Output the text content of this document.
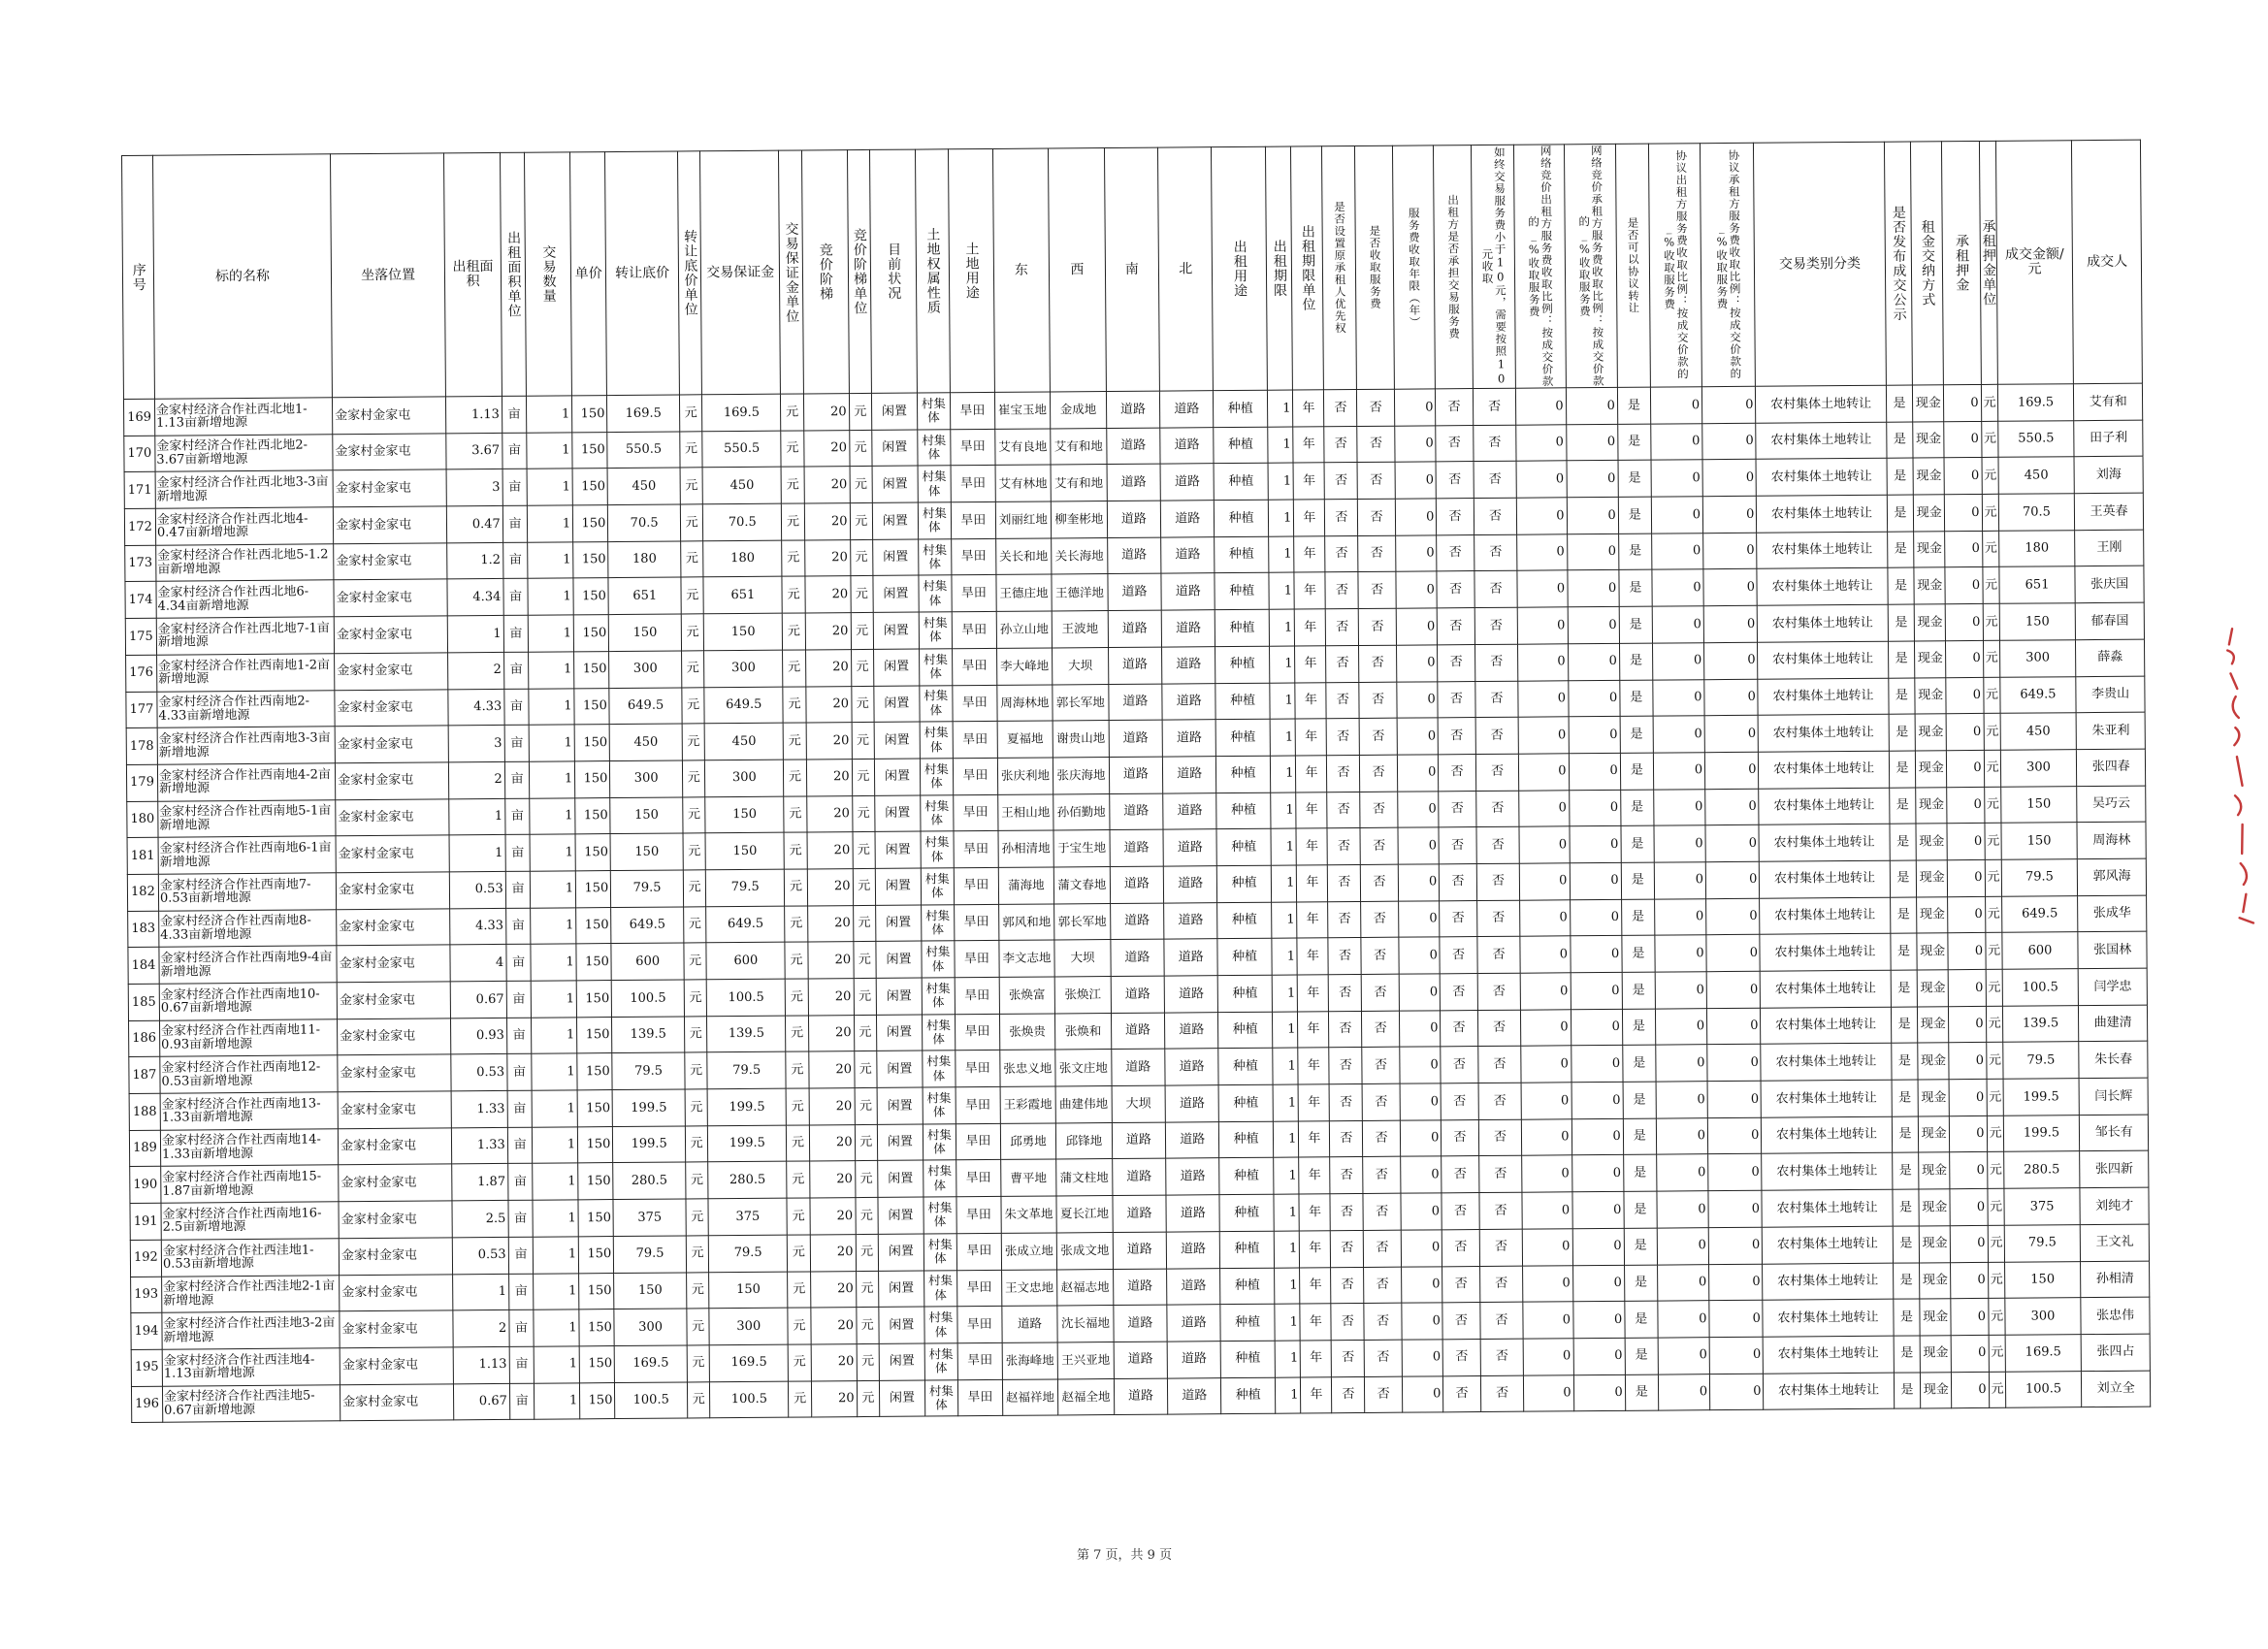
序号	标的名称	坐落位置	出租面积	出租面积单位	交易数量	单价	转让底价	转让底价单位	交易保证金	交易保证金单位	竞价阶梯	竞价阶梯单位	目前状况	土地权属性质	土地用途	东	西	南	北	出租用途	出租期限	出租期限单位	是否设置原承租人优先权	是否收取服务费	服务费收取年限（年）	出租方是否承担交易服务费	如终交易服务费小于10元，需要按照10元收取	网络竞价出租方服务费收取比例：按成交价款的_%收取服务费	网络竞价承租方服务费收取比例：按成交价款的_%收取服务费	是否可以协议转让	协议出租方服务费收取比例：按成交价款的_%收取服务费	协议承租方服务费收取比例：按成交价款的_%收取服务费	交易类别分类	是否发布成交公示	租金交纳方式	承租押金	承租押金单位	成交金额/元	成交人
169	金家村经济合作社西北地1-1.13亩新增地源	金家村金家屯	1.13	亩	1	150	169.5	元	169.5	元	20	元	闲置	村集体	旱田	崔宝玉地	金成地	道路	道路	种植	1	年	否	否	0	否	否	0	0	是	0	0	农村集体土地转让	是	现金	0	元	169.5	艾有和
170	金家村经济合作社西北地2-3.67亩新增地源	金家村金家屯	3.67	亩	1	150	550.5	元	550.5	元	20	元	闲置	村集体	旱田	艾有良地	艾有和地	道路	道路	种植	1	年	否	否	0	否	否	0	0	是	0	0	农村集体土地转让	是	现金	0	元	550.5	田子利
171	金家村经济合作社西北地3-3亩新增地源	金家村金家屯	3	亩	1	150	450	元	450	元	20	元	闲置	村集体	旱田	艾有林地	艾有和地	道路	道路	种植	1	年	否	否	0	否	否	0	0	是	0	0	农村集体土地转让	是	现金	0	元	450	刘海
172	金家村经济合作社西北地4-0.47亩新增地源	金家村金家屯	0.47	亩	1	150	70.5	元	70.5	元	20	元	闲置	村集体	旱田	刘丽红地	柳奎彬地	道路	道路	种植	1	年	否	否	0	否	否	0	0	是	0	0	农村集体土地转让	是	现金	0	元	70.5	王英春
173	金家村经济合作社西北地5-1.2亩新增地源	金家村金家屯	1.2	亩	1	150	180	元	180	元	20	元	闲置	村集体	旱田	关长和地	关长海地	道路	道路	种植	1	年	否	否	0	否	否	0	0	是	0	0	农村集体土地转让	是	现金	0	元	180	王刚
174	金家村经济合作社西北地6-4.34亩新增地源	金家村金家屯	4.34	亩	1	150	651	元	651	元	20	元	闲置	村集体	旱田	王德庄地	王德洋地	道路	道路	种植	1	年	否	否	0	否	否	0	0	是	0	0	农村集体土地转让	是	现金	0	元	651	张庆国
175	金家村经济合作社西北地7-1亩新增地源	金家村金家屯	1	亩	1	150	150	元	150	元	20	元	闲置	村集体	旱田	孙立山地	王波地	道路	道路	种植	1	年	否	否	0	否	否	0	0	是	0	0	农村集体土地转让	是	现金	0	元	150	郁春国
176	金家村经济合作社西南地1-2亩新增地源	金家村金家屯	2	亩	1	150	300	元	300	元	20	元	闲置	村集体	旱田	李大峰地	大坝	道路	道路	种植	1	年	否	否	0	否	否	0	0	是	0	0	农村集体土地转让	是	现金	0	元	300	薛淼
177	金家村经济合作社西南地2-4.33亩新增地源	金家村金家屯	4.33	亩	1	150	649.5	元	649.5	元	20	元	闲置	村集体	旱田	周海林地	郭长军地	道路	道路	种植	1	年	否	否	0	否	否	0	0	是	0	0	农村集体土地转让	是	现金	0	元	649.5	李贵山
178	金家村经济合作社西南地3-3亩新增地源	金家村金家屯	3	亩	1	150	450	元	450	元	20	元	闲置	村集体	旱田	夏福地	谢贵山地	道路	道路	种植	1	年	否	否	0	否	否	0	0	是	0	0	农村集体土地转让	是	现金	0	元	450	朱亚利
179	金家村经济合作社西南地4-2亩新增地源	金家村金家屯	2	亩	1	150	300	元	300	元	20	元	闲置	村集体	旱田	张庆利地	张庆海地	道路	道路	种植	1	年	否	否	0	否	否	0	0	是	0	0	农村集体土地转让	是	现金	0	元	300	张四春
180	金家村经济合作社西南地5-1亩新增地源	金家村金家屯	1	亩	1	150	150	元	150	元	20	元	闲置	村集体	旱田	王相山地	孙佰勤地	道路	道路	种植	1	年	否	否	0	否	否	0	0	是	0	0	农村集体土地转让	是	现金	0	元	150	吴巧云
181	金家村经济合作社西南地6-1亩新增地源	金家村金家屯	1	亩	1	150	150	元	150	元	20	元	闲置	村集体	旱田	孙相清地	于宝生地	道路	道路	种植	1	年	否	否	0	否	否	0	0	是	0	0	农村集体土地转让	是	现金	0	元	150	周海林
182	金家村经济合作社西南地7-0.53亩新增地源	金家村金家屯	0.53	亩	1	150	79.5	元	79.5	元	20	元	闲置	村集体	旱田	蒲海地	蒲文春地	道路	道路	种植	1	年	否	否	0	否	否	0	0	是	0	0	农村集体土地转让	是	现金	0	元	79.5	郭风海
183	金家村经济合作社西南地8-4.33亩新增地源	金家村金家屯	4.33	亩	1	150	649.5	元	649.5	元	20	元	闲置	村集体	旱田	郭风和地	郭长军地	道路	道路	种植	1	年	否	否	0	否	否	0	0	是	0	0	农村集体土地转让	是	现金	0	元	649.5	张成华
184	金家村经济合作社西南地9-4亩新增地源	金家村金家屯	4	亩	1	150	600	元	600	元	20	元	闲置	村集体	旱田	李文志地	大坝	道路	道路	种植	1	年	否	否	0	否	否	0	0	是	0	0	农村集体土地转让	是	现金	0	元	600	张国林
185	金家村经济合作社西南地10-0.67亩新增地源	金家村金家屯	0.67	亩	1	150	100.5	元	100.5	元	20	元	闲置	村集体	旱田	张焕富	张焕江	道路	道路	种植	1	年	否	否	0	否	否	0	0	是	0	0	农村集体土地转让	是	现金	0	元	100.5	闫学忠
186	金家村经济合作社西南地11-0.93亩新增地源	金家村金家屯	0.93	亩	1	150	139.5	元	139.5	元	20	元	闲置	村集体	旱田	张焕贵	张焕和	道路	道路	种植	1	年	否	否	0	否	否	0	0	是	0	0	农村集体土地转让	是	现金	0	元	139.5	曲建清
187	金家村经济合作社西南地12-0.53亩新增地源	金家村金家屯	0.53	亩	1	150	79.5	元	79.5	元	20	元	闲置	村集体	旱田	张忠义地	张文庄地	道路	道路	种植	1	年	否	否	0	否	否	0	0	是	0	0	农村集体土地转让	是	现金	0	元	79.5	朱长春
188	金家村经济合作社西南地13-1.33亩新增地源	金家村金家屯	1.33	亩	1	150	199.5	元	199.5	元	20	元	闲置	村集体	旱田	王彩霞地	曲建伟地	大坝	道路	种植	1	年	否	否	0	否	否	0	0	是	0	0	农村集体土地转让	是	现金	0	元	199.5	闫长辉
189	金家村经济合作社西南地14-1.33亩新增地源	金家村金家屯	1.33	亩	1	150	199.5	元	199.5	元	20	元	闲置	村集体	旱田	邱勇地	邱锋地	道路	道路	种植	1	年	否	否	0	否	否	0	0	是	0	0	农村集体土地转让	是	现金	0	元	199.5	邹长有
190	金家村经济合作社西南地15-1.87亩新增地源	金家村金家屯	1.87	亩	1	150	280.5	元	280.5	元	20	元	闲置	村集体	旱田	曹平地	蒲文柱地	道路	道路	种植	1	年	否	否	0	否	否	0	0	是	0	0	农村集体土地转让	是	现金	0	元	280.5	张四新
191	金家村经济合作社西南地16-2.5亩新增地源	金家村金家屯	2.5	亩	1	150	375	元	375	元	20	元	闲置	村集体	旱田	朱文革地	夏长江地	道路	道路	种植	1	年	否	否	0	否	否	0	0	是	0	0	农村集体土地转让	是	现金	0	元	375	刘纯才
192	金家村经济合作社西洼地1-0.53亩新增地源	金家村金家屯	0.53	亩	1	150	79.5	元	79.5	元	20	元	闲置	村集体	旱田	张成立地	张成文地	道路	道路	种植	1	年	否	否	0	否	否	0	0	是	0	0	农村集体土地转让	是	现金	0	元	79.5	王文礼
193	金家村经济合作社西洼地2-1亩新增地源	金家村金家屯	1	亩	1	150	150	元	150	元	20	元	闲置	村集体	旱田	王文忠地	赵福志地	道路	道路	种植	1	年	否	否	0	否	否	0	0	是	0	0	农村集体土地转让	是	现金	0	元	150	孙相清
194	金家村经济合作社西洼地3-2亩新增地源	金家村金家屯	2	亩	1	150	300	元	300	元	20	元	闲置	村集体	旱田	道路	沈长福地	道路	道路	种植	1	年	否	否	0	否	否	0	0	是	0	0	农村集体土地转让	是	现金	0	元	300	张忠伟
195	金家村经济合作社西洼地4-1.13亩新增地源	金家村金家屯	1.13	亩	1	150	169.5	元	169.5	元	20	元	闲置	村集体	旱田	张海峰地	王兴亚地	道路	道路	种植	1	年	否	否	0	否	否	0	0	是	0	0	农村集体土地转让	是	现金	0	元	169.5	张四占
196	金家村经济合作社西洼地5-0.67亩新增地源	金家村金家屯	0.67	亩	1	150	100.5	元	100.5	元	20	元	闲置	村集体	旱田	赵福祥地	赵福全地	道路	道路	种植	1	年	否	否	0	否	否	0	0	是	0	0	农村集体土地转让	是	现金	0	元	100.5	刘立全
第 7 页，共 9 页
